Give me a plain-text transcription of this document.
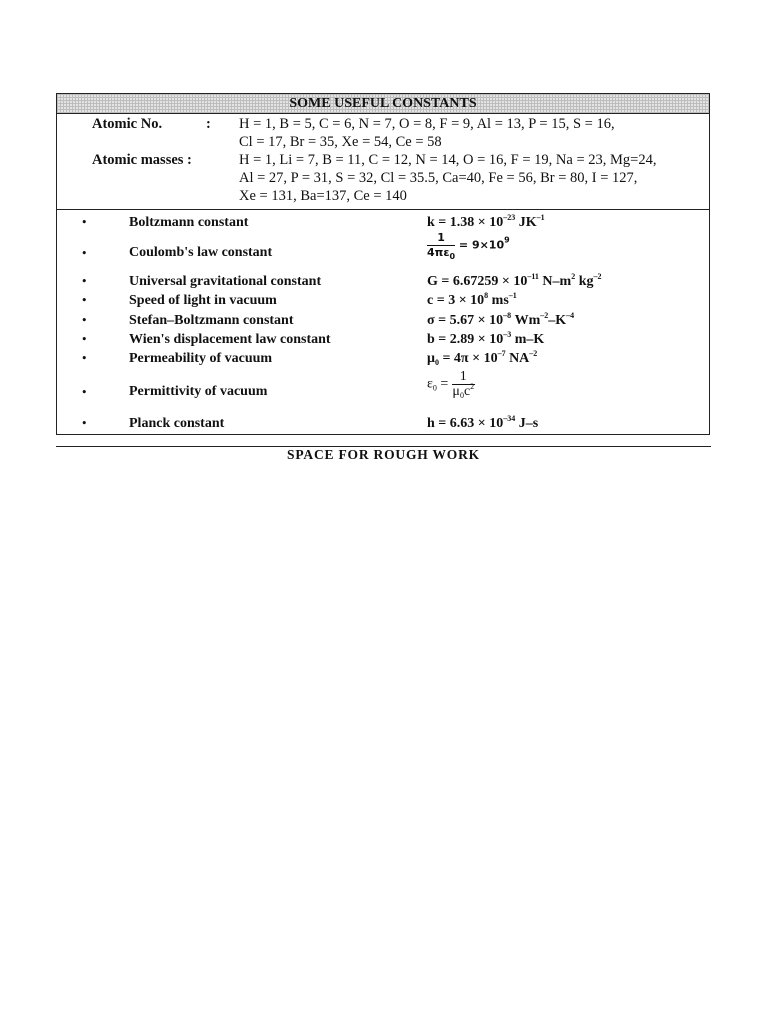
SOME USEFUL CONSTANTS
Atomic No.	: H = 1, B = 5, C = 6, N = 7, O = 8, F = 9, Al = 13, P = 15, S = 16,
Cl = 17, Br = 35, Xe = 54, Ce = 58
Atomic masses :	H = 1, Li = 7, B = 11, C = 12, N = 14, O = 16, F = 19, Na = 23, Mg=24,
Al = 27, P = 31, S = 32, Cl = 35.5, Ca=40, Fe = 56, Br = 80, I = 127,
Xe = 131, Ba=137, Ce = 140
•	Boltzmann constant	$k = 1.38 \times 10^{-23}$ $JK^{-1}$
•	Coulomb's law constant	$\frac{1}{4\pi\varepsilon_0} = 9\times 10^9$
•	Universal gravitational constant	$G = 6.67259 \times 10^{-11}$ $N-m^2$ $kg^{-2}$
•	Speed of light in vacuum	$c = 3 \times 10^8$ $ms^{-1}$
•	Stefan–Boltzmann constant	$\sigma = 5.67 \times 10^{-8}$ $Wm^{-2}-K^{-4}$
•	Wien's displacement law constant	$b = 2.89 \times 10^{-3}$ m–K
•	Permeability of vacuum	$\mu_0 = 4\pi \times 10^{-7}$ $NA^{-2}$
•	Permittivity of vacuum	$\varepsilon_0 = \frac{1}{\mu_0c^2}$
•	Planck constant	$h = 6.63 \times 10^{-34}$ J–s
SPACE FOR ROUGH WORK
